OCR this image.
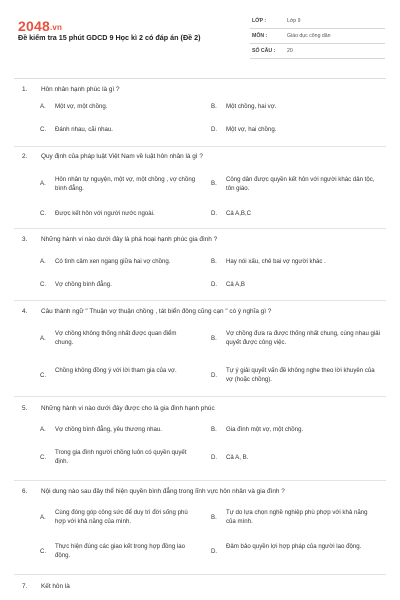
2048.vn
Đề kiểm tra 15 phút GDCD 9 Học kì 2 có đáp án (Đề 2)
LỚP :	Lớp 9
MÔN :	Giáo dục công dân
SỐ CÂU :	20
1. Hôn nhân hạnh phúc là gì ?
A. Một vợ, một chồng.	B. Một chồng, hai vợ.
C. Đánh nhau, cãi nhau.	D. Một vợ, hai chồng.
2. Quy định của pháp luật Việt Nam về luật hôn nhân là gì ?
A.
Hôn nhân tự nguyện, một vợ, một chồng , vợ chồng bình đẳng.
B.
Công dân được quyền kết hôn với người khác dân tộc, tôn giáo.
C. Được kết hôn với người nước ngoài.	D. Cả A,B,C
3. Những hành vi nào dưới đây là phá hoại hạnh phúc gia đình ?
A. Có tình cảm xen ngang giữa hai vợ chồng.	B. Hay nói xấu, chê bai vợ người khác .
C. Vợ chồng bình đẳng.	D. Cả A,B
4. Câu thành ngữ " Thuận vợ thuận chồng , tát biển đông cũng cạn " có ý nghĩa gì ?
A.
Vợ chồng không thống nhất được quan điểm chung.
B.
Vợ chồng đưa ra được thống nhất chung, cùng nhau giải quyết được công việc.
C.
Chồng không đồng ý với lời tham gia của vợ.
D.
Tự ý giải quyết vấn đề không nghe theo lời khuyên của vợ (hoặc chồng).
5. Những hành vi nào dưới đây được cho là gia đình hạnh phúc
A. Vợ chồng bình đẳng, yêu thương nhau.	B. Gia đình một vợ, một chồng.
C.
Trong gia đình người chồng luôn có quyền quyết định.
D. Cả A, B.
6. Nội dung nào sau đây thể hiện quyền bình đẳng trong lĩnh vực hôn nhân và gia đình ?
A.
Cùng đóng góp công sức để duy trì đời sống phù hợp với khả năng của mình.
B.
Tự do lựa chọn nghề nghiệp phù phợp với khả năng của mình.
C.
Thực hiện đúng các giao kết trong hợp đồng lao động.
D.
Đảm bảo quyền lợi hợp pháp của người lao động.
7. Kết hôn là
